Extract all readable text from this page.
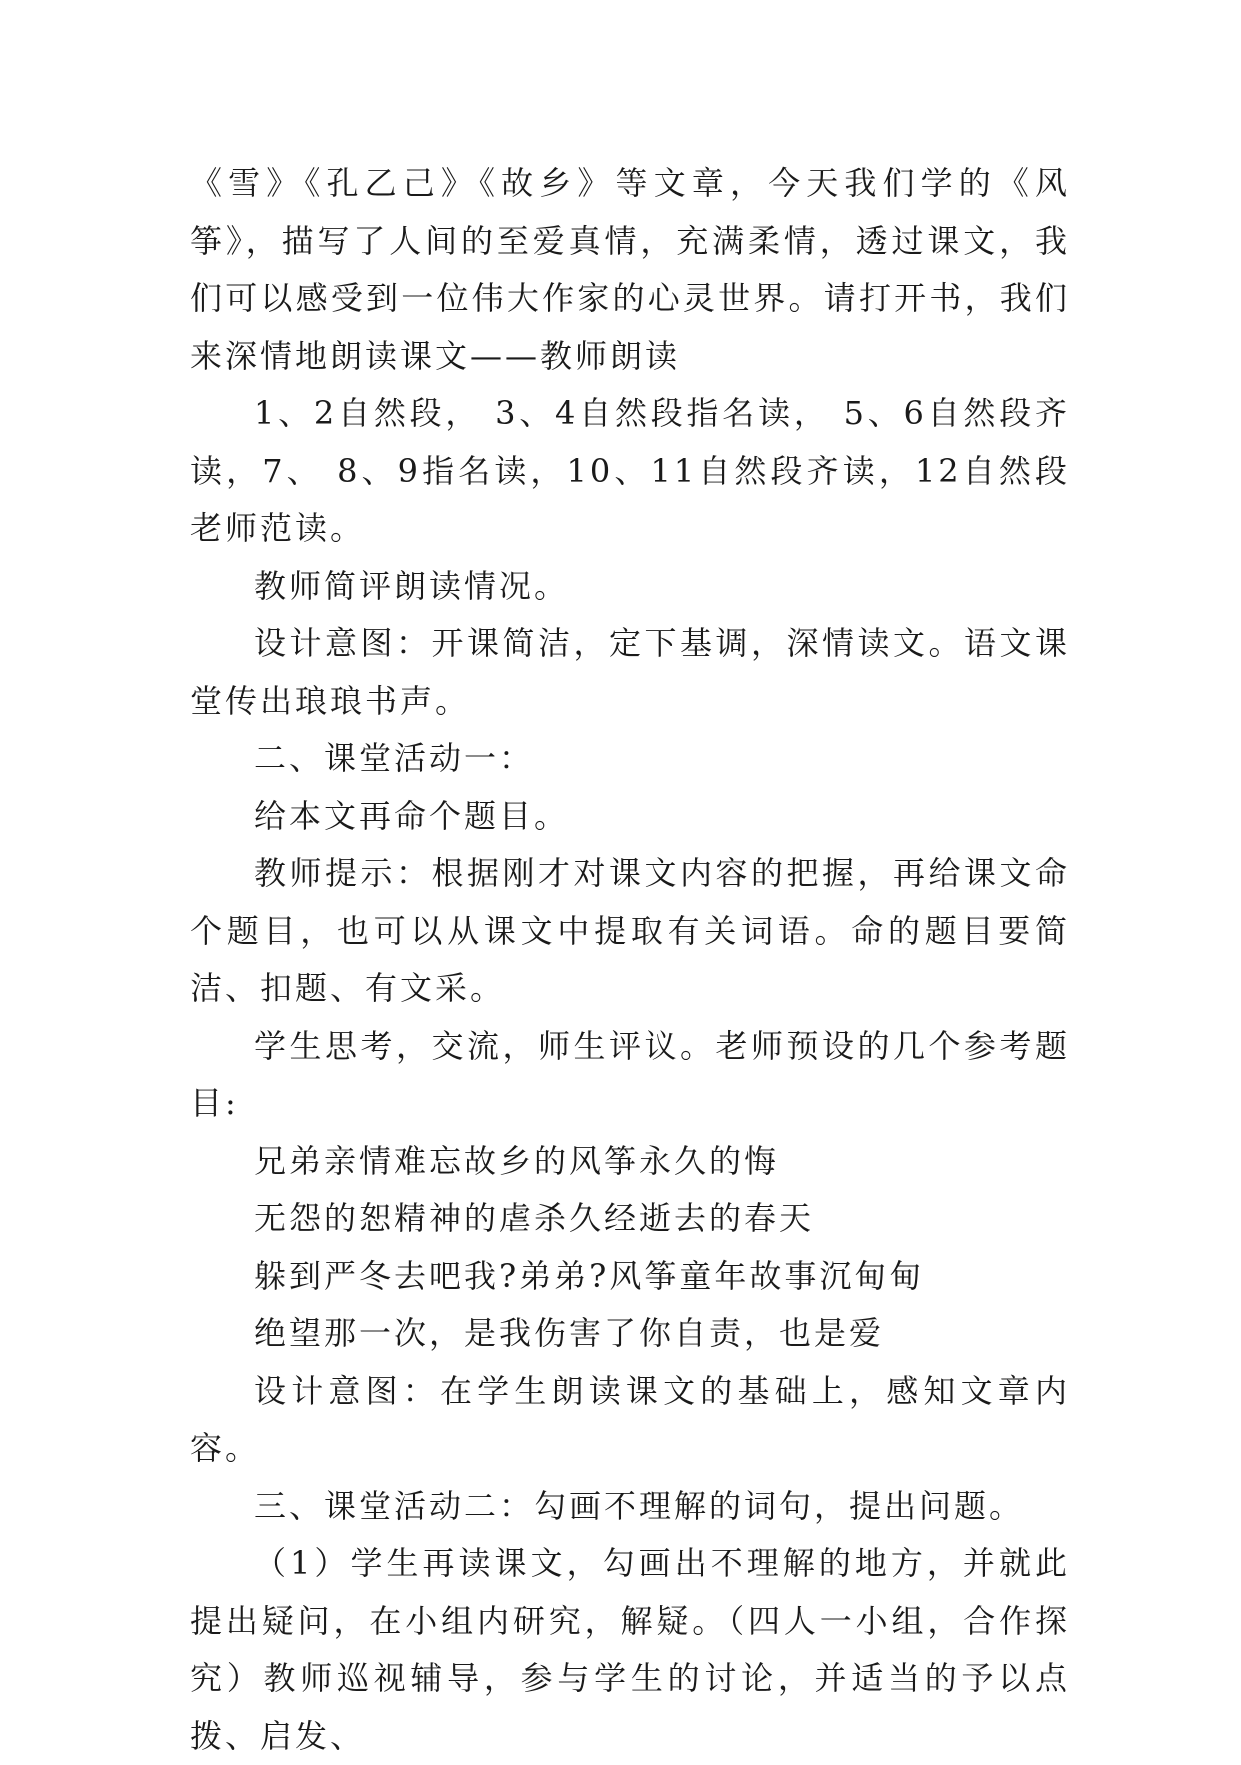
《雪》《孔乙己》《故乡》等文章，今天我们学的《风筝》，描写了人间的至爱真情，充满柔情，透过课文，我们可以感受到一位伟大作家的心灵世界。请打开书，我们来深情地朗读课文——教师朗读

1、2自然段， 3、4自然段指名读， 5、6自然段齐读，7、 8、9指名读，10、11自然段齐读，12自然段老师范读。

教师简评朗读情况。

设计意图：开课简洁，定下基调，深情读文。语文课堂传出琅琅书声。

二、课堂活动一：

给本文再命个题目。

教师提示：根据刚才对课文内容的把握，再给课文命个题目，也可以从课文中提取有关词语。命的题目要简洁、扣题、有文采。

学生思考，交流，师生评议。老师预设的几个参考题目:

兄弟亲情难忘故乡的风筝永久的悔

无怨的恕精神的虐杀久经逝去的春天

躲到严冬去吧我?弟弟?风筝童年故事沉甸甸

绝望那一次，是我伤害了你自责，也是爱

设计意图：在学生朗读课文的基础上，感知文章内容。

三、课堂活动二：勾画不理解的词句，提出问题。

（1）学生再读课文，勾画出不理解的地方，并就此提出疑问，在小组内研究，解疑。（四人一小组，合作探究）教师巡视辅导，参与学生的讨论，并适当的予以点拨、启发、
